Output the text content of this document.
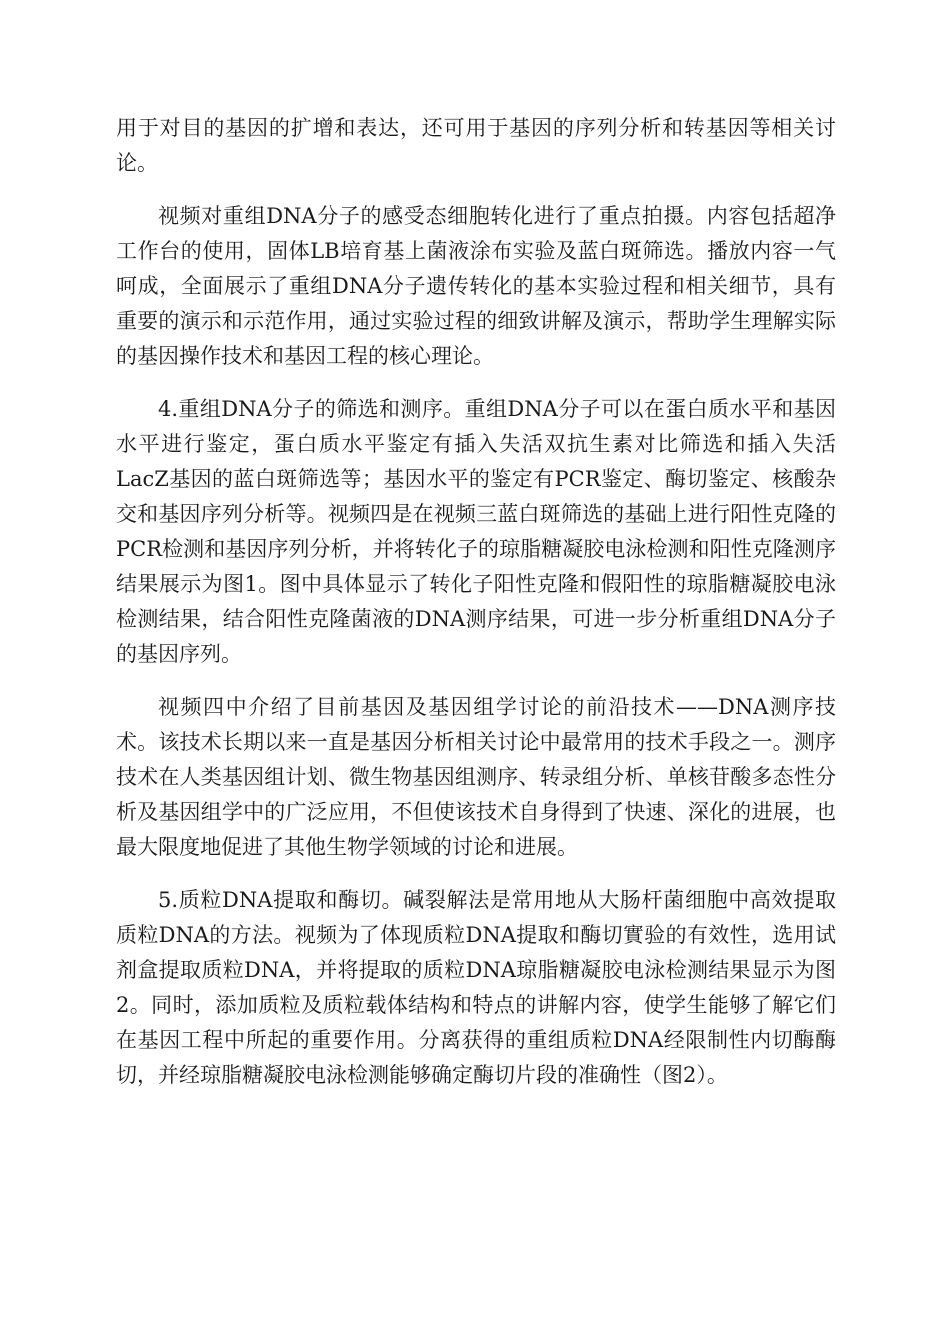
用于对目的基因的扩增和表达，还可用于基因的序列分析和转基因等相关讨论。

视频对重组DNA分子的感受态细胞转化进行了重点拍摄。内容包括超净工作台的使用，固体LB培育基上菌液涂布实验及蓝白斑筛选。播放内容一气呵成，全面展示了重组DNA分子遗传转化的基本实验过程和相关细节，具有重要的演示和示范作用，通过实验过程的细致讲解及演示，帮助学生理解实际的基因操作技术和基因工程的核心理论。

4.重组DNA分子的筛选和测序。重组DNA分子可以在蛋白质水平和基因水平进行鉴定，蛋白质水平鉴定有插入失活双抗生素对比筛选和插入失活LacZ基因的蓝白斑筛选等；基因水平的鉴定有PCR鉴定、酶切鉴定、核酸杂交和基因序列分析等。视频四是在视频三蓝白斑筛选的基础上进行阳性克隆的PCR检测和基因序列分析，并将转化子的琼脂糖凝胶电泳检测和阳性克隆测序结果展示为图1。图中具体显示了转化子阳性克隆和假阳性的琼脂糖凝胶电泳检测结果，结合阳性克隆菌液的DNA测序结果，可进一步分析重组DNA分子的基因序列。

视频四中介绍了目前基因及基因组学讨论的前沿技术——DNA测序技术。该技术长期以来一直是基因分析相关讨论中最常用的技术手段之一。测序技术在人类基因组计划、微生物基因组测序、转录组分析、单核苷酸多态性分析及基因组学中的广泛应用，不但使该技术自身得到了快速、深化的进展，也最大限度地促进了其他生物学领域的讨论和进展。

5.质粒DNA提取和酶切。碱裂解法是常用地从大肠杆菌细胞中高效提取质粒DNA的方法。视频为了体现质粒DNA提取和酶切實验的有效性，选用试剂盒提取质粒DNA，并将提取的质粒DNA琼脂糖凝胶电泳检测结果显示为图2。同时，添加质粒及质粒载体结构和特点的讲解内容，使学生能够了解它们在基因工程中所起的重要作用。分离获得的重组质粒DNA经限制性内切酶酶切，并经琼脂糖凝胶电泳检测能够确定酶切片段的准确性（图2）。
